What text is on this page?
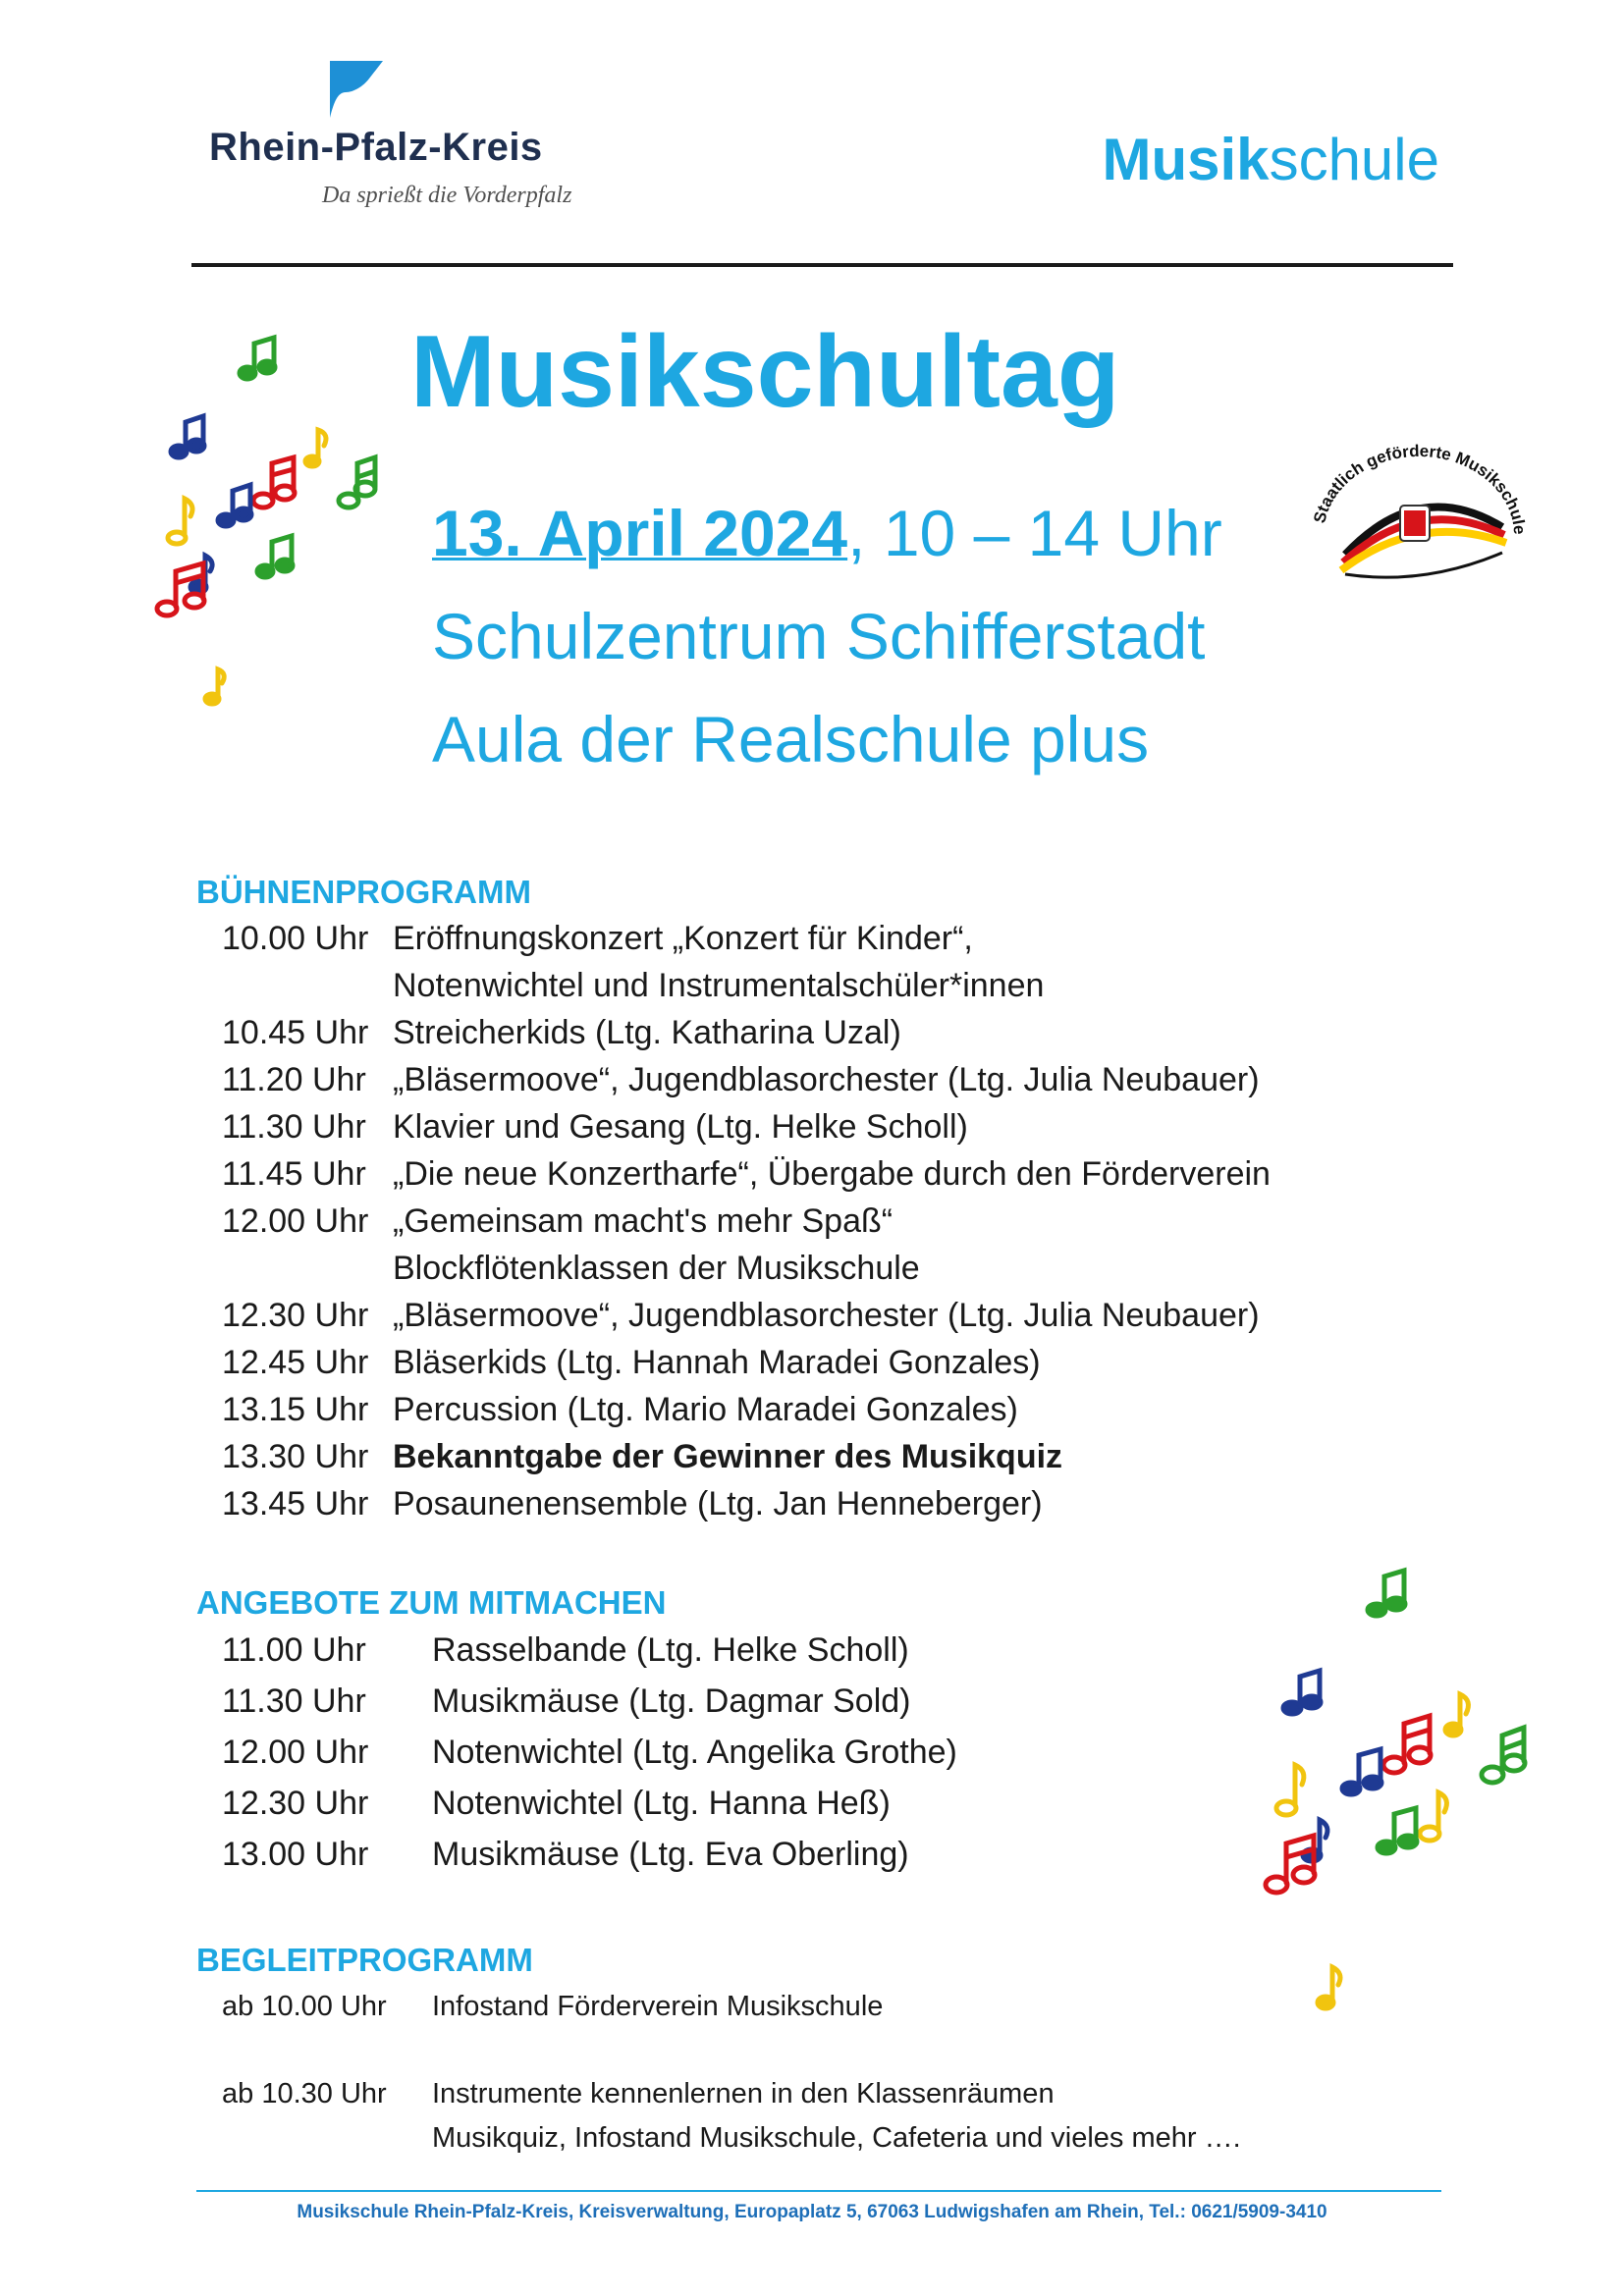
Rhein-Pfalz-Kreis
Da sprießt die Vorderpfalz
Musikschule
Musikschultag
13. April 2024, 10 – 14 Uhr
Schulzentrum Schifferstadt
Aula der Realschule plus
Staatlich geförderte Musikschule
BÜHNENPROGRAMM
10.00 Uhr Eröffnungskonzert „Konzert für Kinder“,
Notenwichtel und Instrumentalschüler*innen
10.45 Uhr Streicherkids (Ltg. Katharina Uzal)
11.20 Uhr „Bläsermoove“, Jugendblasorchester (Ltg. Julia Neubauer)
11.30 Uhr Klavier und Gesang (Ltg. Helke Scholl)
11.45 Uhr „Die neue Konzertharfe“, Übergabe durch den Förderverein
12.00 Uhr „Gemeinsam macht's mehr Spaß“
Blockflötenklassen der Musikschule
12.30 Uhr „Bläsermoove“, Jugendblasorchester (Ltg. Julia Neubauer)
12.45 Uhr Bläserkids (Ltg. Hannah Maradei Gonzales)
13.15 Uhr Percussion (Ltg. Mario Maradei Gonzales)
13.30 Uhr Bekanntgabe der Gewinner des Musikquiz
13.45 Uhr Posaunenensemble (Ltg. Jan Henneberger)
ANGEBOTE ZUM MITMACHEN
11.00 Uhr Rasselbande (Ltg. Helke Scholl)
11.30 Uhr Musikmäuse (Ltg. Dagmar Sold)
12.00 Uhr Notenwichtel (Ltg. Angelika Grothe)
12.30 Uhr Notenwichtel (Ltg. Hanna Heß)
13.00 Uhr Musikmäuse (Ltg. Eva Oberling)
BEGLEITPROGRAMM
ab 10.00 Uhr Infostand Förderverein Musikschule
ab 10.30 Uhr Instrumente kennenlernen in den Klassenräumen
Musikquiz, Infostand Musikschule, Cafeteria und vieles mehr ….
Musikschule Rhein-Pfalz-Kreis, Kreisverwaltung, Europaplatz 5, 67063 Ludwigshafen am Rhein, Tel.: 0621/5909-3410
